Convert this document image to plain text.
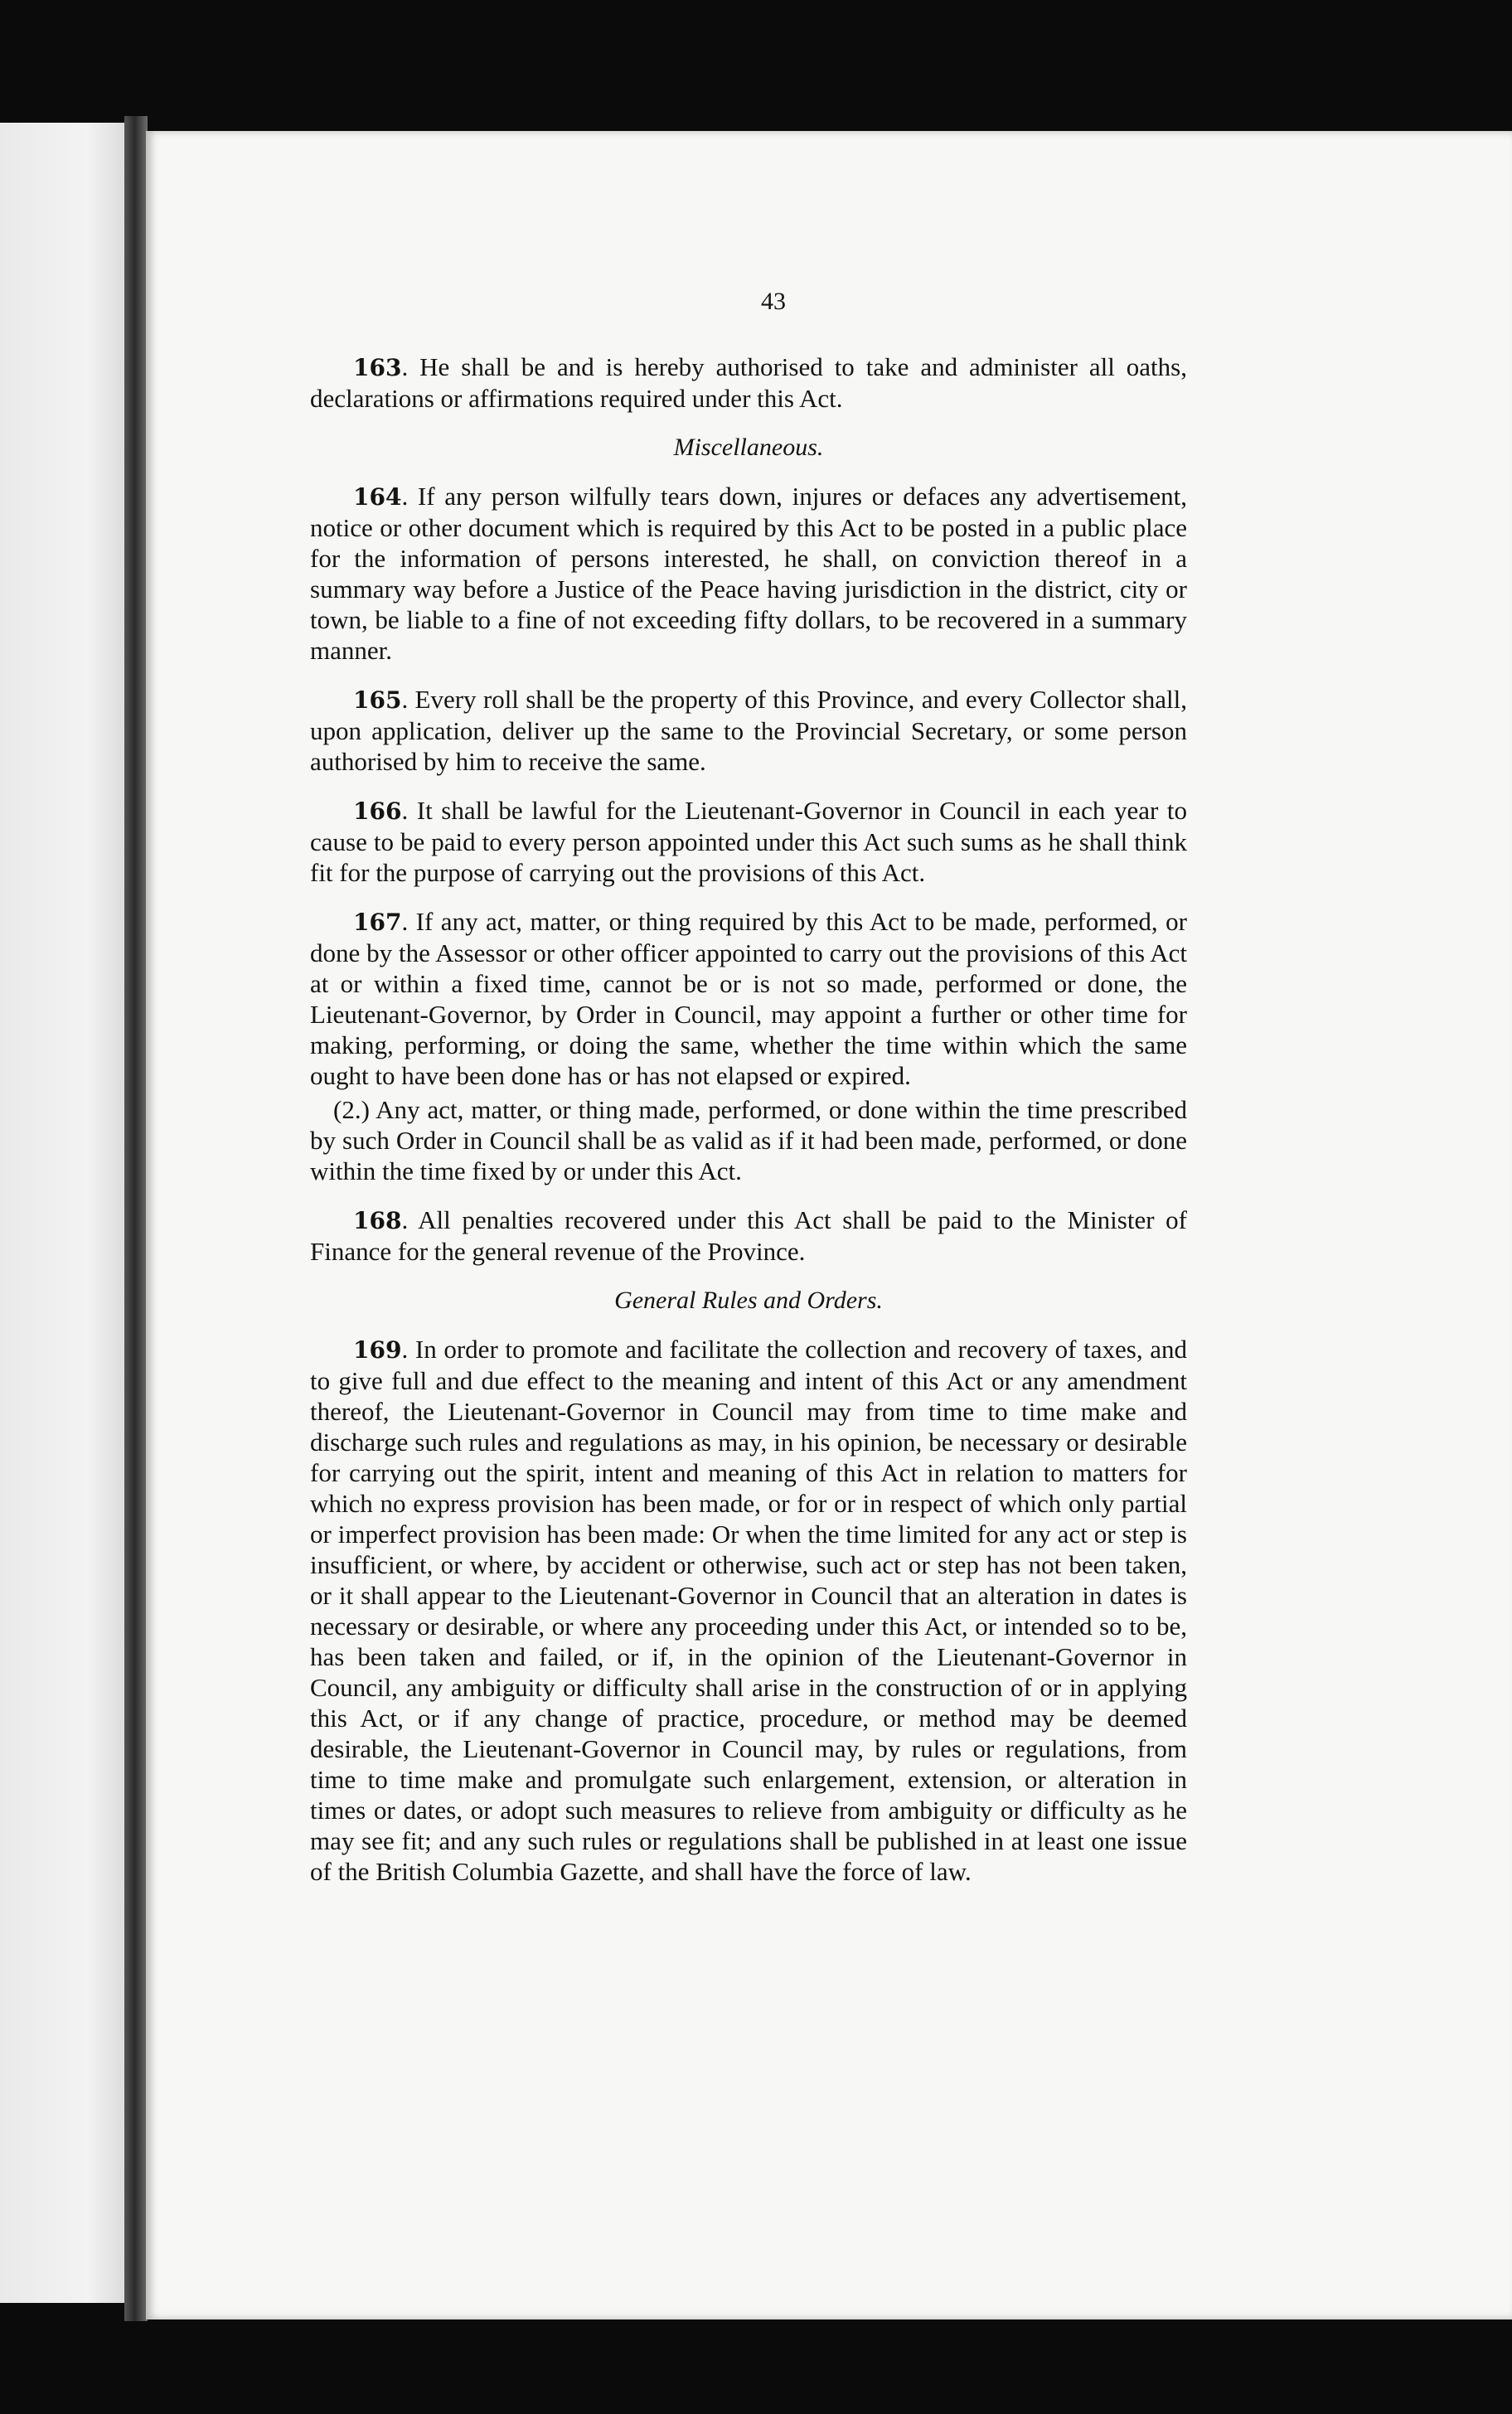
43

163. He shall be and is hereby authorised to take and administer all oaths, declarations or affirmations required under this Act.

Miscellaneous.

164. If any person wilfully tears down, injures or defaces any advertisement, notice or other document which is required by this Act to be posted in a public place for the information of persons interested, he shall, on conviction thereof in a summary way before a Justice of the Peace having jurisdiction in the district, city or town, be liable to a fine of not exceeding fifty dollars, to be recovered in a summary manner.

165. Every roll shall be the property of this Province, and every Collector shall, upon application, deliver up the same to the Provincial Secretary, or some person authorised by him to receive the same.

166. It shall be lawful for the Lieutenant-Governor in Council in each year to cause to be paid to every person appointed under this Act such sums as he shall think fit for the purpose of carrying out the provisions of this Act.

167. If any act, matter, or thing required by this Act to be made, performed, or done by the Assessor or other officer appointed to carry out the provisions of this Act at or within a fixed time, cannot be or is not so made, performed or done, the Lieutenant-Governor, by Order in Council, may appoint a further or other time for making, performing, or doing the same, whether the time within which the same ought to have been done has or has not elapsed or expired.

(2.) Any act, matter, or thing made, performed, or done within the time prescribed by such Order in Council shall be as valid as if it had been made, performed, or done within the time fixed by or under this Act.

168. All penalties recovered under this Act shall be paid to the Minister of Finance for the general revenue of the Province.

General Rules and Orders.

169. In order to promote and facilitate the collection and recovery of taxes, and to give full and due effect to the meaning and intent of this Act or any amendment thereof, the Lieutenant-Governor in Council may from time to time make and discharge such rules and regulations as may, in his opinion, be necessary or desirable for carrying out the spirit, intent and meaning of this Act in relation to matters for which no express provision has been made, or for or in respect of which only partial or imperfect provision has been made: Or when the time limited for any act or step is insufficient, or where, by accident or otherwise, such act or step has not been taken, or it shall appear to the Lieutenant-Governor in Council that an alteration in dates is necessary or desirable, or where any proceeding under this Act, or intended so to be, has been taken and failed, or if, in the opinion of the Lieutenant-Governor in Council, any ambiguity or difficulty shall arise in the construction of or in applying this Act, or if any change of practice, procedure, or method may be deemed desirable, the Lieutenant-Governor in Council may, by rules or regulations, from time to time make and promulgate such enlargement, extension, or alteration in times or dates, or adopt such measures to relieve from ambiguity or difficulty as he may see fit; and any such rules or regulations shall be published in at least one issue of the British Columbia Gazette, and shall have the force of law.
